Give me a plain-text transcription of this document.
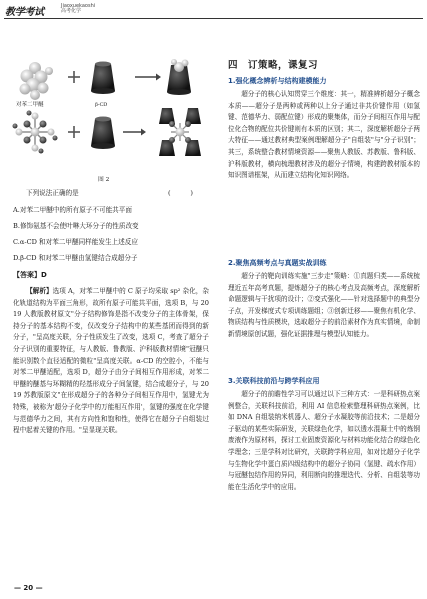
教学考试
Jiaoxuekaoshi
高考化学
对苯二甲醚	β-CD
图 2
下列说法正确的是	(　　　)
A.对苯二甲醚中的所有原子不可能共平面
B.修饰氨基不会使叶啉大环分子的性质改变
C.α-CD 和对苯二甲醚同样能发生上述反应
D.β-CD 和对苯二甲醚由氢键结合成超分子
【答案】D
【解析】选项 A，对苯二甲醚中的 C 原子均采取 sp² 杂化，杂化轨道结构为平面三角形，故所有原子可能共平面，选项 B，与 2019 人教版教材原文"分子结构修饰是指不改变分子的主体骨架，保持分子的基本结构不变，仅改变分子结构中的某些基团而得到的新分子，"呈高度关联，分子性质发生了改变，选项 C，考查了超分子分子识别的重要特征，与人教版、鲁教版、沪科版教材情境"冠醚只能识别数个直径适配的微粒"呈高度关联。α-CD 的空腔小，不能与对苯二甲醚适配，选项 D，超分子由分子间相互作用形成，对苯二甲醚的醚基与环糊精的羟基形成分子间氢键，结合成超分子，与 2019 苏教版原文"在形成超分子的各种分子间相互作用中，氢键尤为特殊，被称为'超分子化学中的万能相互作用'，氢键的强度在化学键与范德华力之间，其有方向性和饱和性，使得它在超分子自组装过程中起着关键的作用。"呈显现关联。
四　订策略，课复习
1.强化概念辨析与结构建模能力
超分子的核心认知贯穿三个维度：其一，精准辨析超分子概念本质——超分子是两种或两种以上分子通过非共价键作用（如氢键、范德华力、弱配位键）形成的聚集体，而分子间相互作用与配位化合物的配位共价键则有本质的区别；其二，深度解析超分子两大特征——通过教材典型案例理解超分子"自组装"与"分子识别"；其三，系统整合教材情境资源——聚焦人教版、苏教版、鲁科版、沪科版教材，横向梳理教材涉及的超分子情境，构建跨教材版本的知识图谱框架，从而建立结构化知识网络。
2.聚焦高频考点与真题实战训练
超分子的靶向训练实施"三步走"策略：①真题归类——系统梳理近五年高考真题，提炼超分子的核心考点及高频考点，深度解析命题逻辑与干扰项的设计；②变式强化——针对选择题中的典型分子点，开发梯度式专项训练题组；③创新迁移——聚焦有机化学、物质结构与性质模块，选取超分子的前沿素材作为真实情境，命制新情境原创试题，强化证据推理与模型认知能力。
3.关联科技前沿与跨学科应用
超分子的前瞻性学习可以通过以下三种方式：一是科研热点案例整合，关联科技前沿，利用 AI 信息检索整理科研热点案例，比如 DNA 自组装纳米机器人、超分子水凝胶等前沿技术；二是超分子驱动的某些实际研发，关联绿色化学，如以透水混凝土中的炼钢废液作为原材料，探讨工业固废资源化与材料功能化结合的绿色化学理念；三是学科对比研究，关联跨学科应用，如对比超分子化学与生物化学中蛋白质四级结构中的超分子协同（氢键、疏水作用）与冠醚包结作用的异同，利用断向的推理迭代、分析、自组装等功能在生活化学中的应用。
— 20 —
